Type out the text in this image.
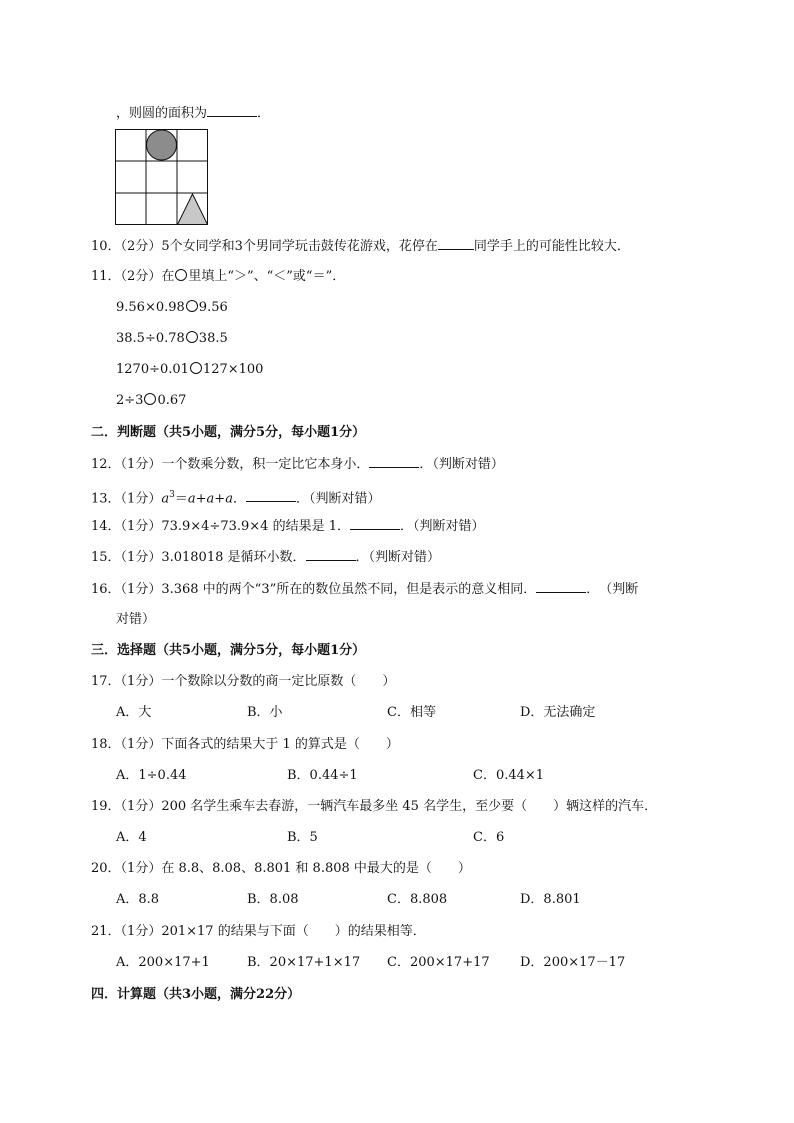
，则圆的面积为	．
10．（2分）5个女同学和3个男同学玩击鼓传花游戏，花停在	同学手上的可能性比较大．
11．（2分）在 里填上“＞”、“＜”或“＝”．
9.56×0.98 9.56
38.5÷0.78 38.5
1270÷0.01 127×100
2÷3 0.67
二．判断题（共5小题，满分5分，每小题1分）
12．（1分）一个数乘分数，积一定比它本身小．	．（判断对错）
13．（1分）$a^3=a+a+a$．	．（判断对错）
14．（1分）73.9×4÷73.9×4 的结果是 1．	．（判断对错）
15．（1分）3.018018 是循环小数．	．（判断对错）
16．（1分）3.368 中的两个“3”所在的数位虽然不同，但是表示的意义相同．	．　（判断
对错）
三．选择题（共5小题，满分5分，每小题1分）
17．（1分）一个数除以分数的商一定比原数（　　）
A．大	B．小	C．相等	D．无法确定
18．（1分）下面各式的结果大于 1 的算式是（　　）
A．1÷0.44	B．0.44÷1	C．0.44×1
19．（1分）200 名学生乘车去春游，一辆汽车最多坐 45 名学生，至少要（　　）辆这样的汽车．
A．4	B．5	C．6
20．（1分）在 8.8、8.08、8.801 和 8.808 中最大的是（　　）
A．8.8	B．8.08	C．8.808	D．8.801
21．（1分）201×17 的结果与下面（　　）的结果相等．
A．200×17+1	B．20×17+1×17 C．200×17+17 D．200×17－17
四．计算题（共3小题，满分22分）
